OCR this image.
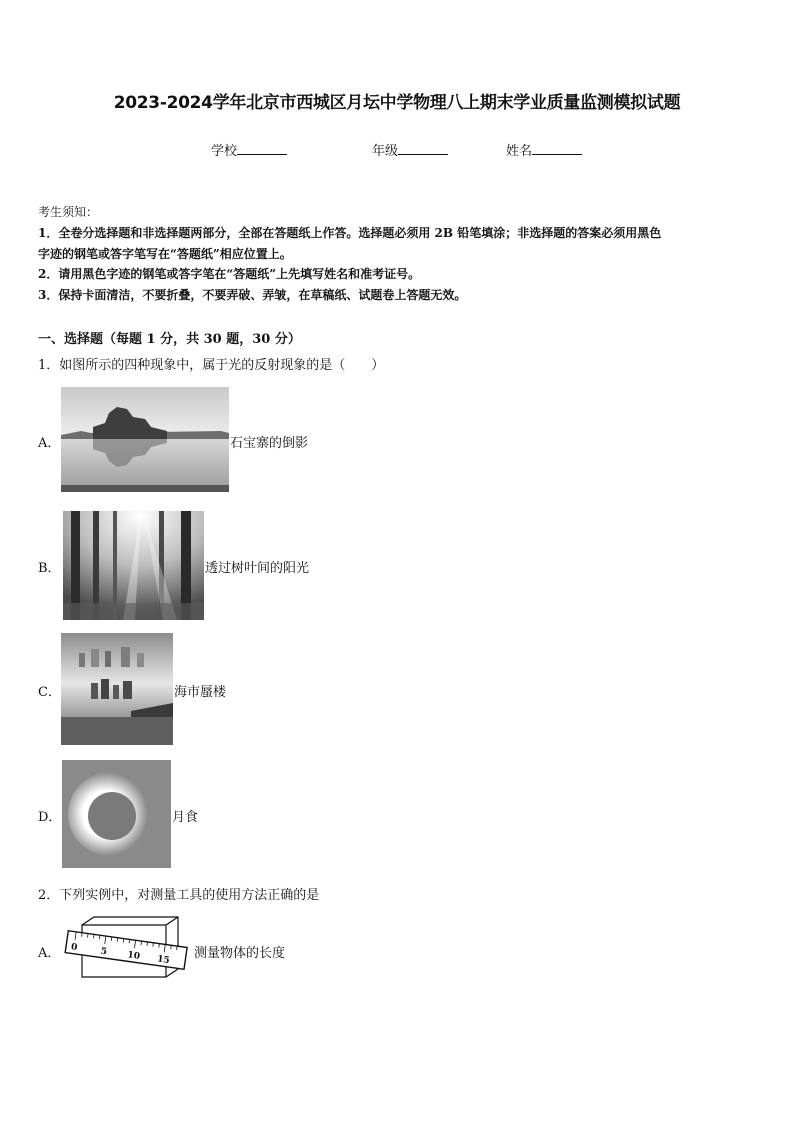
2023-2024学年北京市西城区月坛中学物理八上期末学业质量监测模拟试题
学校	年级	姓名
考生须知：
1．全卷分选择题和非选择题两部分，全部在答题纸上作答。选择题必须用 2B 铅笔填涂；非选择题的答案必须用黑色
字迹的钢笔或答字笔写在“答题纸”相应位置上。
2．请用黑色字迹的钢笔或答字笔在“答题纸”上先填写姓名和准考证号。
3．保持卡面清洁，不要折叠，不要弄破、弄皱，在草稿纸、试题卷上答题无效。
一、选择题（每题 1 分，共 30 题，30 分）
1．如图所示的四种现象中，属于光的反射现象的是（　　）
A．	石宝寨的倒影
B．	透过树叶间的阳光
C．	海市蜃楼
D．	月食
2．下列实例中，对测量工具的使用方法正确的是
A． 0 5 10 15 测量物体的长度
